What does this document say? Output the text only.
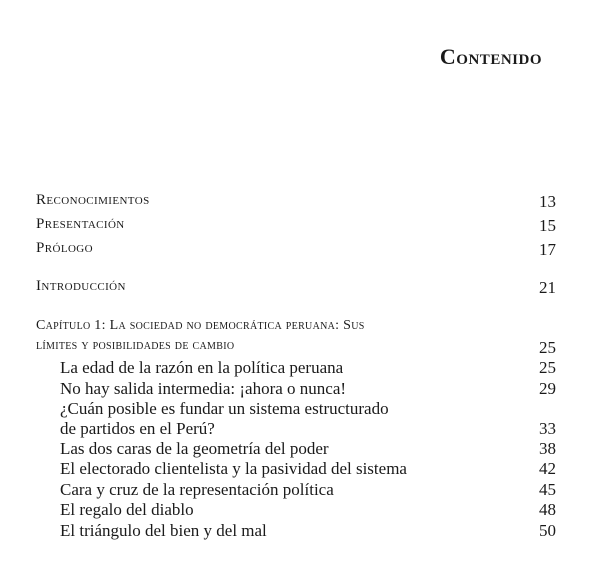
Contenido
Reconocimientos	13
Presentación	15
Prólogo	17
Introducción	21
Capítulo 1: La sociedad no democrática peruana: Sus
límites y posibilidades de cambio	25
La edad de la razón en la política peruana	25
No hay salida intermedia: ¡ahora o nunca!	29
¿Cuán posible es fundar un sistema estructurado
de partidos en el Perú?	33
Las dos caras de la geometría del poder	38
El electorado clientelista y la pasividad del sistema	42
Cara y cruz de la representación política	45
El regalo del diablo	48
El triángulo del bien y del mal	50
